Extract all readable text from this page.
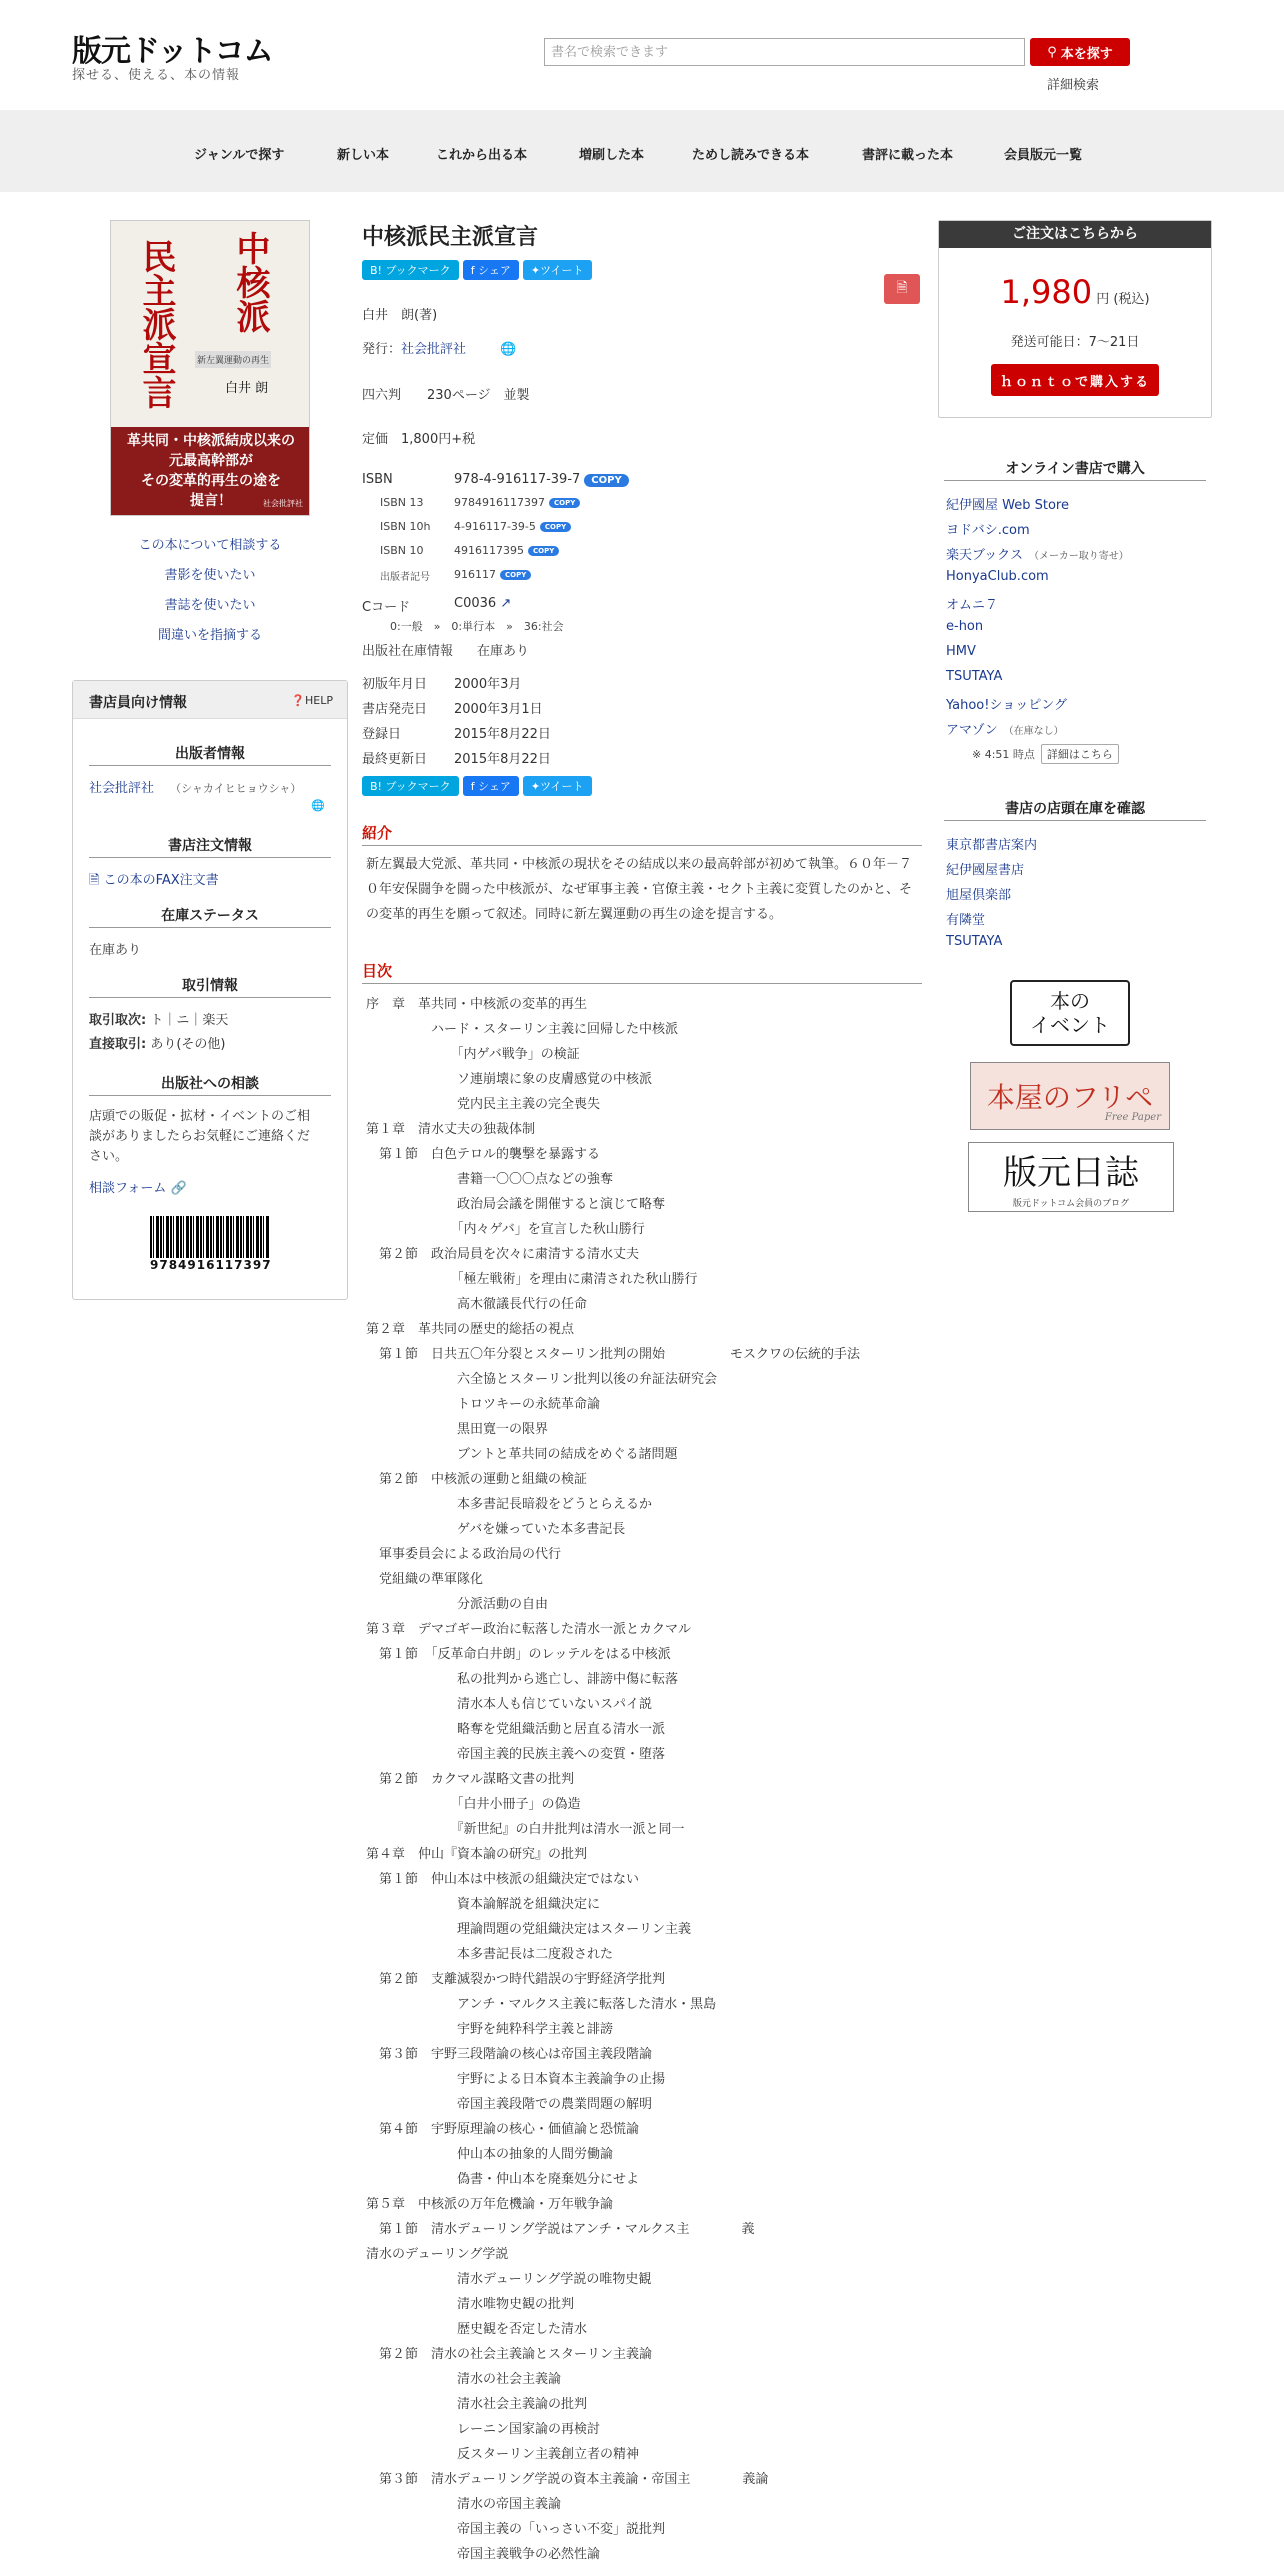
版元ドットコム
探せる、使える、本の情報
書名で検索できます
⚲ 本を探す
詳細検索
ジャンルで探す	新しい本	これから出る本	増刷した本	ためし読みできる本	書評に載った本	会員版元一覧
民主派宣言 中核派
新左翼運動の再生
白井 朗
革共同・中核派結成以来の
元最高幹部が
その変革的再生の途を
提言！	社会批評社
この本について相談する
書影を使いたい
書誌を使いたい
間違いを指摘する
書店員向け情報	❓HELP
出版者情報
社会批評社 （シャカイヒヒョウシャ）
🌐
書店注文情報
🗎 この本のFAX注文書
在庫ステータス
在庫あり
取引情報
取引取次: ト｜ニ｜楽天
直接取引: あり(その他)
出版社への相談
店頭での販促・拡材・イベントのご相
談がありましたらお気軽にご連絡くだ
さい。
相談フォーム 🔗
9784916117397
中核派民主派宣言
B! ブックマーク	f シェア	✦ ツイート
🗎
白井　朗(著)
発行：社会批評社	🌐
四六判　　230ページ　並製
定価　1,800円+税
ISBN	978-4-916117-39-7 COPY
ISBN 13	9784916117397 COPY
ISBN 10h 4-916117-39-5 COPY
ISBN 10	4916117395 COPY
出版者記号 916117 COPY
Cコード	C0036 ↗
0:一般　»　0:単行本　»　36:社会
出版社在庫情報 在庫あり
初版年月日 2000年3月
書店発売日 2000年3月1日
登録日	2015年8月22日
最終更新日 2015年8月22日
B! ブックマーク	f シェア	✦ ツイート
紹介
新左翼最大党派、革共同・中核派の現状をその結成以来の最高幹部が初めて執筆。６０年－７０年安保闘争を闘った中核派が、なぜ軍事主義・官僚主義・セクト主義に変質したのかと、その変革的再生を願って叙述。同時に新左翼運動の再生の途を提言する。
目次
序　章　革共同・中核派の変革的再生
　　　　　ハード・スターリン主義に回帰した中核派
　　　　　　　「内ゲバ戦争」の検証
　　　　　　　ソ連崩壊に象の皮膚感覚の中核派
　　　　　　　党内民主主義の完全喪失
第１章　清水丈夫の独裁体制
　第１節　白色テロル的襲撃を暴露する
　　　　　　　書籍一〇〇〇点などの強奪
　　　　　　　政治局会議を開催すると演じて略奪
　　　　　　　「内々ゲバ」を宣言した秋山勝行
　第２節　政治局員を次々に粛清する清水丈夫
　　　　　　　「極左戦術」を理由に粛清された秋山勝行
　　　　　　　高木徹議長代行の任命
第２章　革共同の歴史的総括の視点
　第１節　日共五〇年分裂とスターリン批判の開始　　　　　モスクワの伝統的手法
　　　　　　　六全協とスターリン批判以後の弁証法研究会
　　　　　　　トロツキーの永続革命論
　　　　　　　黒田寛一の限界
　　　　　　　ブントと革共同の結成をめぐる諸問題
　第２節　中核派の運動と組織の検証
　　　　　　　本多書記長暗殺をどうとらえるか
　　　　　　　ゲバを嫌っていた本多書記長
　軍事委員会による政治局の代行
　党組織の準軍隊化
　　　　　　　分派活動の自由
第３章　デマゴギー政治に転落した清水一派とカクマル
　第１節　「反革命白井朗」のレッテルをはる中核派
　　　　　　　私の批判から逃亡し、誹謗中傷に転落
　　　　　　　清水本人も信じていないスパイ説
　　　　　　　略奪を党組織活動と居直る清水一派
　　　　　　　帝国主義的民族主義への変質・堕落
　第２節　カクマル謀略文書の批判
　　　　　　　「白井小冊子」の偽造
　　　　　　　『新世紀』の白井批判は清水一派と同一
第４章　仲山『資本論の研究』の批判
　第１節　仲山本は中核派の組織決定ではない
　　　　　　　資本論解説を組織決定に
　　　　　　　理論問題の党組織決定はスターリン主義
　　　　　　　本多書記長は二度殺された
　第２節　支離滅裂かつ時代錯誤の宇野経済学批判
　　　　　　　アンチ・マルクス主義に転落した清水・黒島
　　　　　　　宇野を純粋科学主義と誹謗
　第３節　宇野三段階論の核心は帝国主義段階論
　　　　　　　宇野による日本資本主義論争の止揚
　　　　　　　帝国主義段階での農業問題の解明
　第４節　宇野原理論の核心・価値論と恐慌論
　　　　　　　仲山本の抽象的人間労働論
　　　　　　　偽書・仲山本を廃棄処分にせよ
第５章　中核派の万年危機論・万年戦争論
　第１節　清水デューリング学説はアンチ・マルクス主　　　　義
清水のデューリング学説
　　　　　　　清水デューリング学説の唯物史観
　　　　　　　清水唯物史観の批判
　　　　　　　歴史観を否定した清水
　第２節　清水の社会主義論とスターリン主義論
　　　　　　　清水の社会主義論
　　　　　　　清水社会主義論の批判
　　　　　　　レーニン国家論の再検討
　　　　　　　反スターリン主義創立者の精神
　第３節　清水デューリング学説の資本主義論・帝国主　　　　義論
　　　　　　　清水の帝国主義論
　　　　　　　帝国主義の「いっさい不変」説批判
　　　　　　　帝国主義戦争の必然性論
ご注文はこちらから
1,980 円 (税込)
発送可能日：7～21日
ｈｏｎｔｏで購入する
オンライン書店で購入
紀伊國屋 Web Store
ヨドバシ.com
楽天ブックス （メーカー取り寄せ）
HonyaClub.com
オムニ７
e-hon
HMV
TSUTAYA
Yahoo!ショッピング
アマゾン （在庫なし）
※ 4:51 時点	詳細はこちら
書店の店頭在庫を確認
東京都書店案内
紀伊國屋書店
旭屋倶楽部
有隣堂
TSUTAYA
本の
イベント
本屋のフリペ
Free Paper
版元日誌
版元ドットコム会員のブログ
